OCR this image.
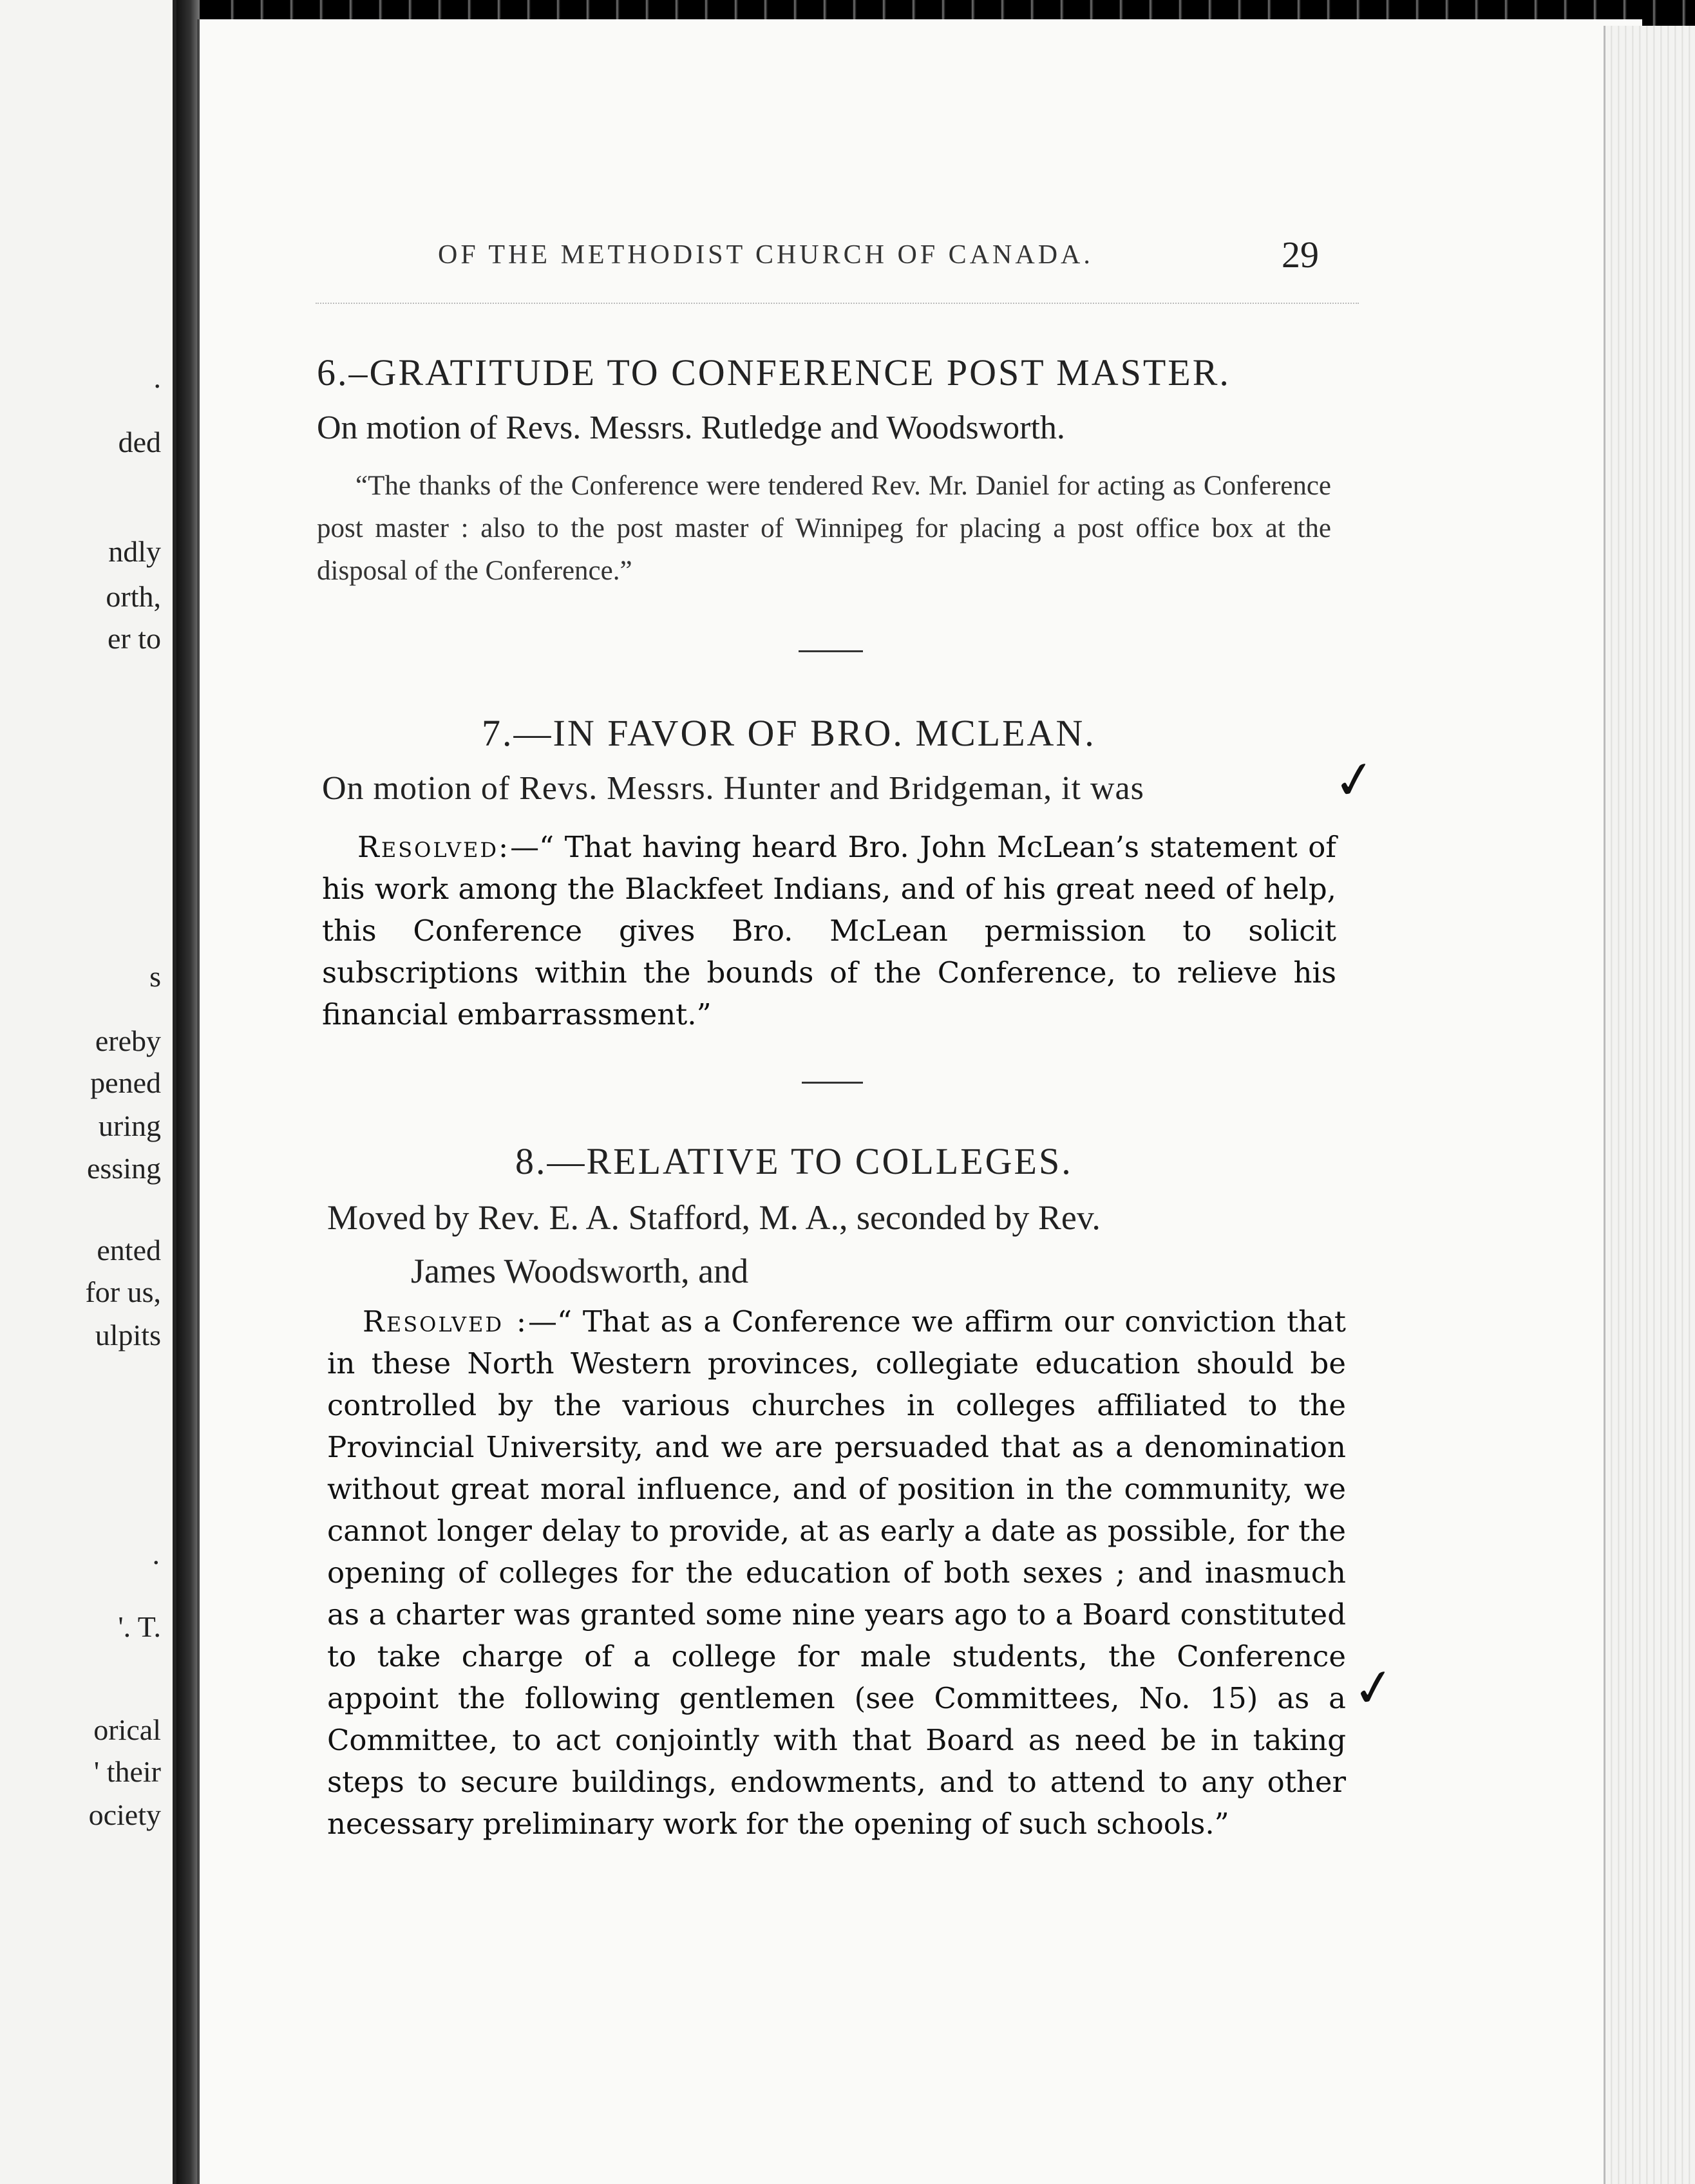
.
ded
ndly
orth,
er to
s
ereby
pened
uring
essing
ented
for us,
ulpits
·
'. T.
orical
' their
ociety
OF THE METHODIST CHURCH OF CANADA.	29
6.–GRATITUDE TO CONFERENCE POST MASTER.
On motion of Revs. Messrs. Rutledge and Woodsworth.
“The thanks of the Conference were tendered Rev. Mr. Daniel for acting as Conference post master : also to the post master of Winnipeg for placing a post office box at the disposal of the Conference.”
7.—IN FAVOR OF BRO. MCLEAN.
On motion of Revs. Messrs. Hunter and Bridgeman, it was	✓
Resolved:—“ That having heard Bro. John McLean’s statement of his work among the Blackfeet Indians, and of his great need of help, this Conference gives Bro. McLean permission to solicit subscriptions within the bounds of the Conference, to relieve his financial embarrassment.”
8.—RELATIVE TO COLLEGES.
Moved by Rev. E. A. Stafford, M. A., seconded by Rev.
James Woodsworth, and
Resolved :—“ That as a Conference we affirm our conviction that in these North Western provinces, collegiate education should be controlled by the various churches in colleges affiliated to the Provincial University, and we are persuaded that as a denomination without great moral influence, and of position in the community, we cannot longer delay to provide, at as early a date as possible, for the opening of colleges for the education of both sexes ; and inasmuch as a charter was granted some nine years ago to a Board constituted to take charge of a college for male students, the Conference appoint the following gentlemen (see Committees, No. 15) as a Committee, to act conjointly with that Board as need be in taking steps to secure buildings, endowments, and to attend to any other necessary preliminary work for the opening of such schools.”
✓
